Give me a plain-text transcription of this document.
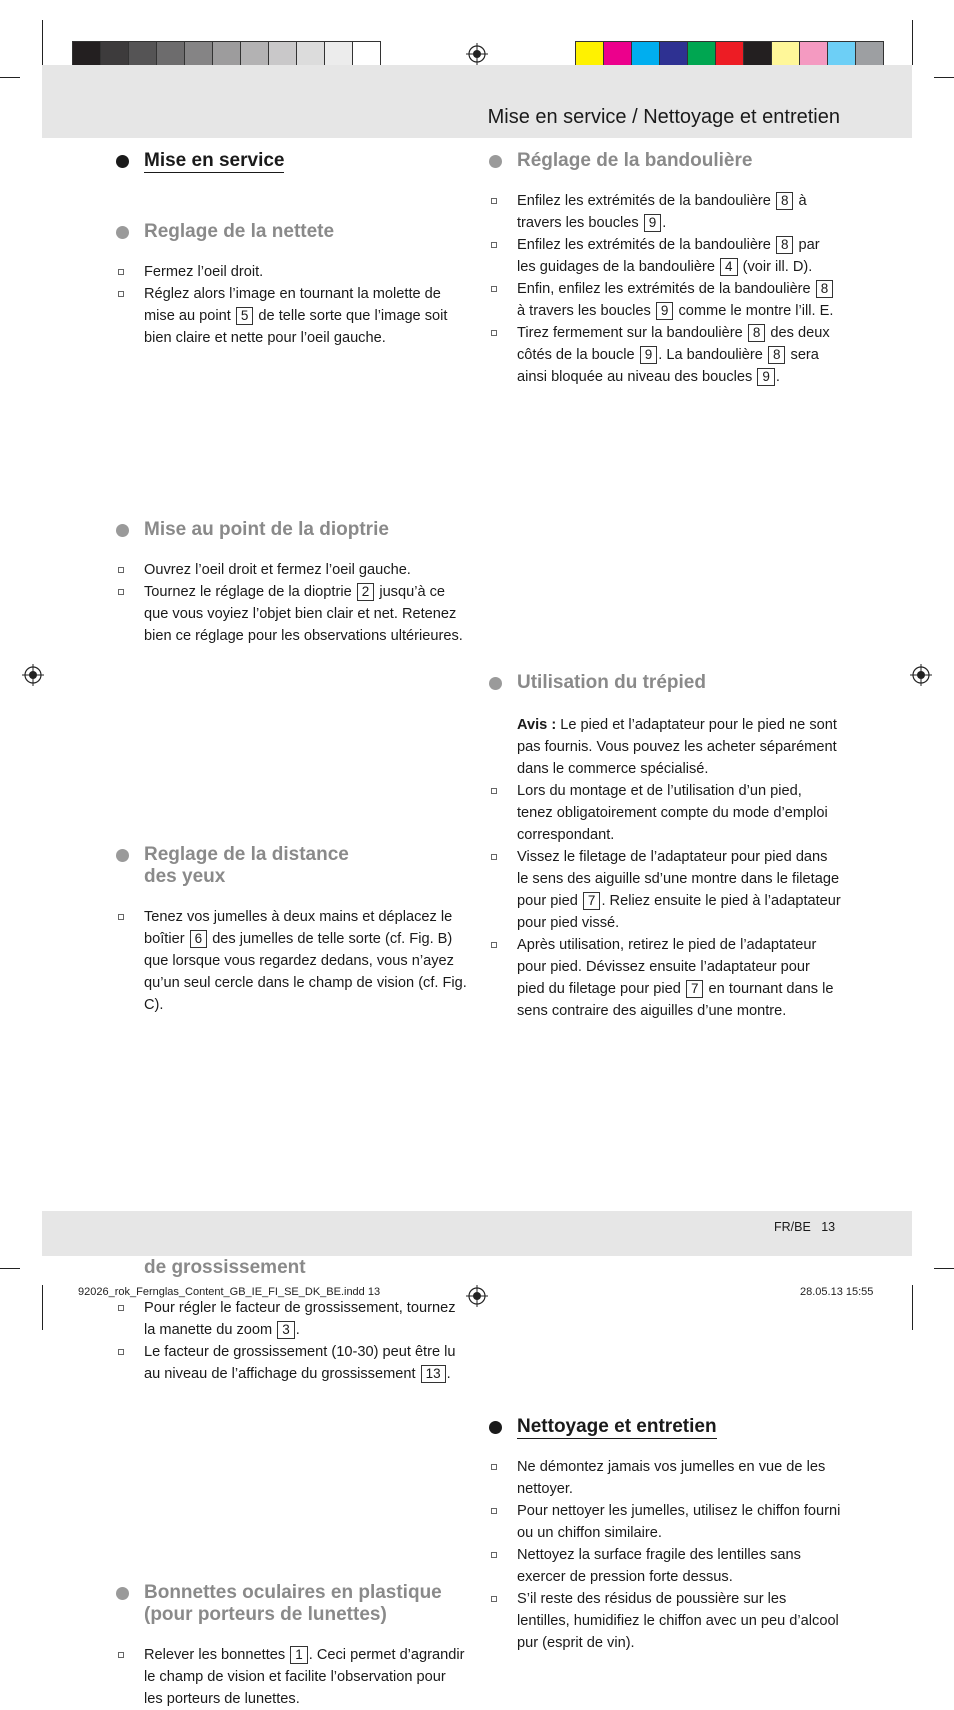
Mise en service / Nettoyage et entretien
Mise en service
Reglage de la nettete
Fermez l’oeil droit.
Réglez alors l’image en tournant la molette de mise au point 5 de telle sorte que l’image soit bien claire et nette pour l’oeil gauche.
Mise au point de la dioptrie
Ouvrez l’oeil droit et fermez l’oeil gauche.
Tournez le réglage de la dioptrie 2 jusqu’à ce que vous voyiez l’objet bien clair et net. Retenez bien ce réglage pour les observations ultérieures.
Reglage de la distance
des yeux
Tenez vos jumelles à deux mains et déplacez le boîtier 6 des jumelles de telle sorte (cf. Fig. B) que lorsque vous regardez dedans, vous n’ayez qu’un seul cercle dans le champ de vision (cf. Fig. C).

de grossissement
Pour régler le facteur de grossissement, tournez la manette du zoom 3 .
Le facteur de grossissement (10-30) peut être lu au niveau de l’affichage du grossissement 13 .
Bonnettes oculaires en plastique
(pour porteurs de lunettes)
Relever les bonnettes 1 . Ceci permet d’agrandir le champ de vision et facilite l’observation pour les porteurs de lunettes.
Réglage de la bandoulière
Enfilez les extrémités de la bandoulière 8 à travers les boucles 9 .
Enfilez les extrémités de la bandoulière 8 par les guidages de la bandoulière 4 (voir ill. D).
Enfin, enfilez les extrémités de la bandoulière 8 à travers les boucles 9 comme le montre l’ill. E.
Tirez fermement sur la bandoulière 8 des deux côtés de la boucle 9 . La bandoulière 8 sera ainsi bloquée au niveau des boucles 9 .
Utilisation du trépied
Avis : Le pied et l’adaptateur pour le pied ne sont pas fournis. Vous pouvez les acheter séparément dans le commerce spécialisé.
Lors du montage et de l’utilisation d’un pied, tenez obligatoirement compte du mode d’emploi correspondant.
Vissez le filetage de l’adaptateur pour pied dans le sens des aiguille sd’une montre dans le filetage pour pied 7 . Reliez ensuite le pied à l’adaptateur pour pied vissé.
Après utilisation, retirez le pied de l’adaptateur pour pied. Dévissez ensuite l’adaptateur pour pied du filetage pour pied 7 en tournant dans le sens contraire des aiguilles d’une montre.
Nettoyage et entretien
Ne démontez jamais vos jumelles en vue de les nettoyer.
Pour nettoyer les jumelles, utilisez le chiffon fourni ou un chiffon similaire.
Nettoyez la surface fragile des lentilles sans exercer de pression forte dessus.
S’il reste des résidus de poussière sur les lentilles, humidifiez le chiffon avec un peu d’alcool pur (esprit de vin).
FR/BE 13
92026_rok_Fernglas_Content_GB_IE_FI_SE_DK_BE.indd 13	28.05.13 15:55
